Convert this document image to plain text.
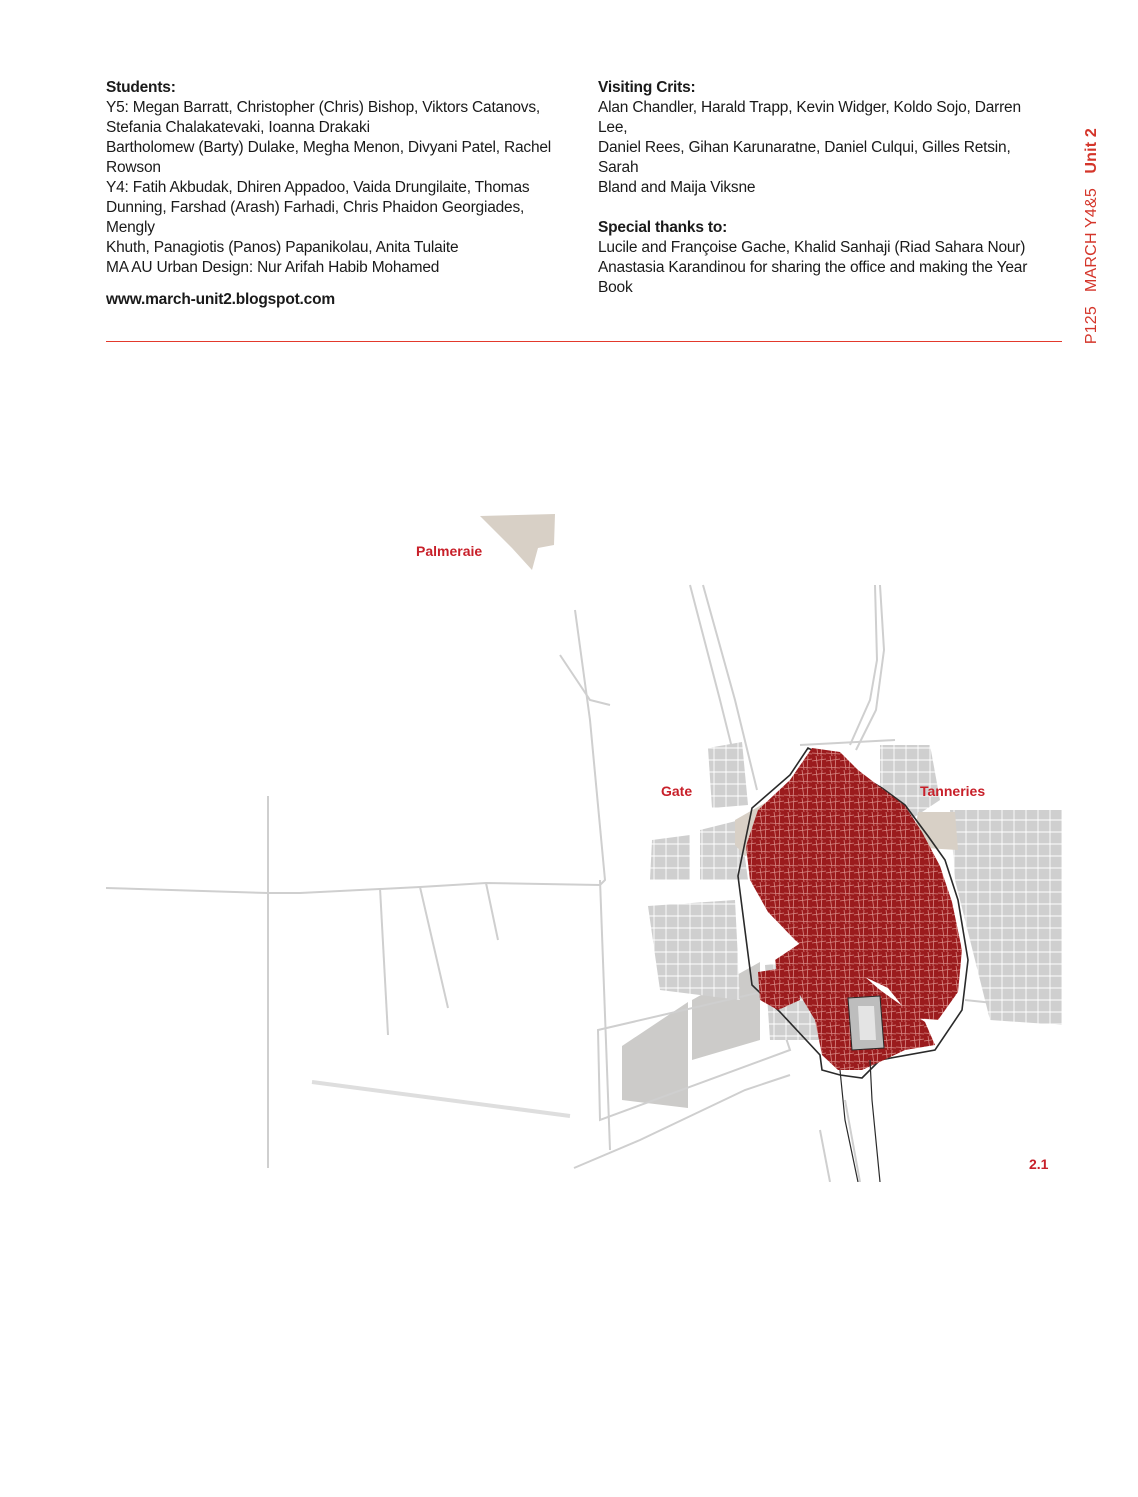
Students:
Y5: Megan Barratt, Christopher (Chris) Bishop, Viktors Catanovs,
Stefania Chalakatevaki, Ioanna Drakaki
Bartholomew (Barty) Dulake, Megha Menon, Divyani Patel, Rachel
Rowson
Y4: Fatih Akbudak, Dhiren Appadoo, Vaida Drungilaite, Thomas
Dunning, Farshad (Arash) Farhadi, Chris Phaidon Georgiades, Mengly
Khuth, Panagiotis (Panos) Papanikolau, Anita Tulaite
MA AU Urban Design: Nur Arifah Habib Mohamed
www.march-unit2.blogspot.com
Visiting Crits:
Alan Chandler, Harald Trapp, Kevin Widger, Koldo Sojo, Darren Lee,
Daniel Rees, Gihan Karunaratne, Daniel Culqui, Gilles Retsin, Sarah
Bland and Maija Viksne
Special thanks to:
Lucile and Françoise Gache, Khalid Sanhaji (Riad Sahara Nour)
Anastasia Karandinou for sharing the office and making the Year
Book
P125
MARCH Y4&5
Unit 2
Palmeraie
Gate	Tanneries
2.1
